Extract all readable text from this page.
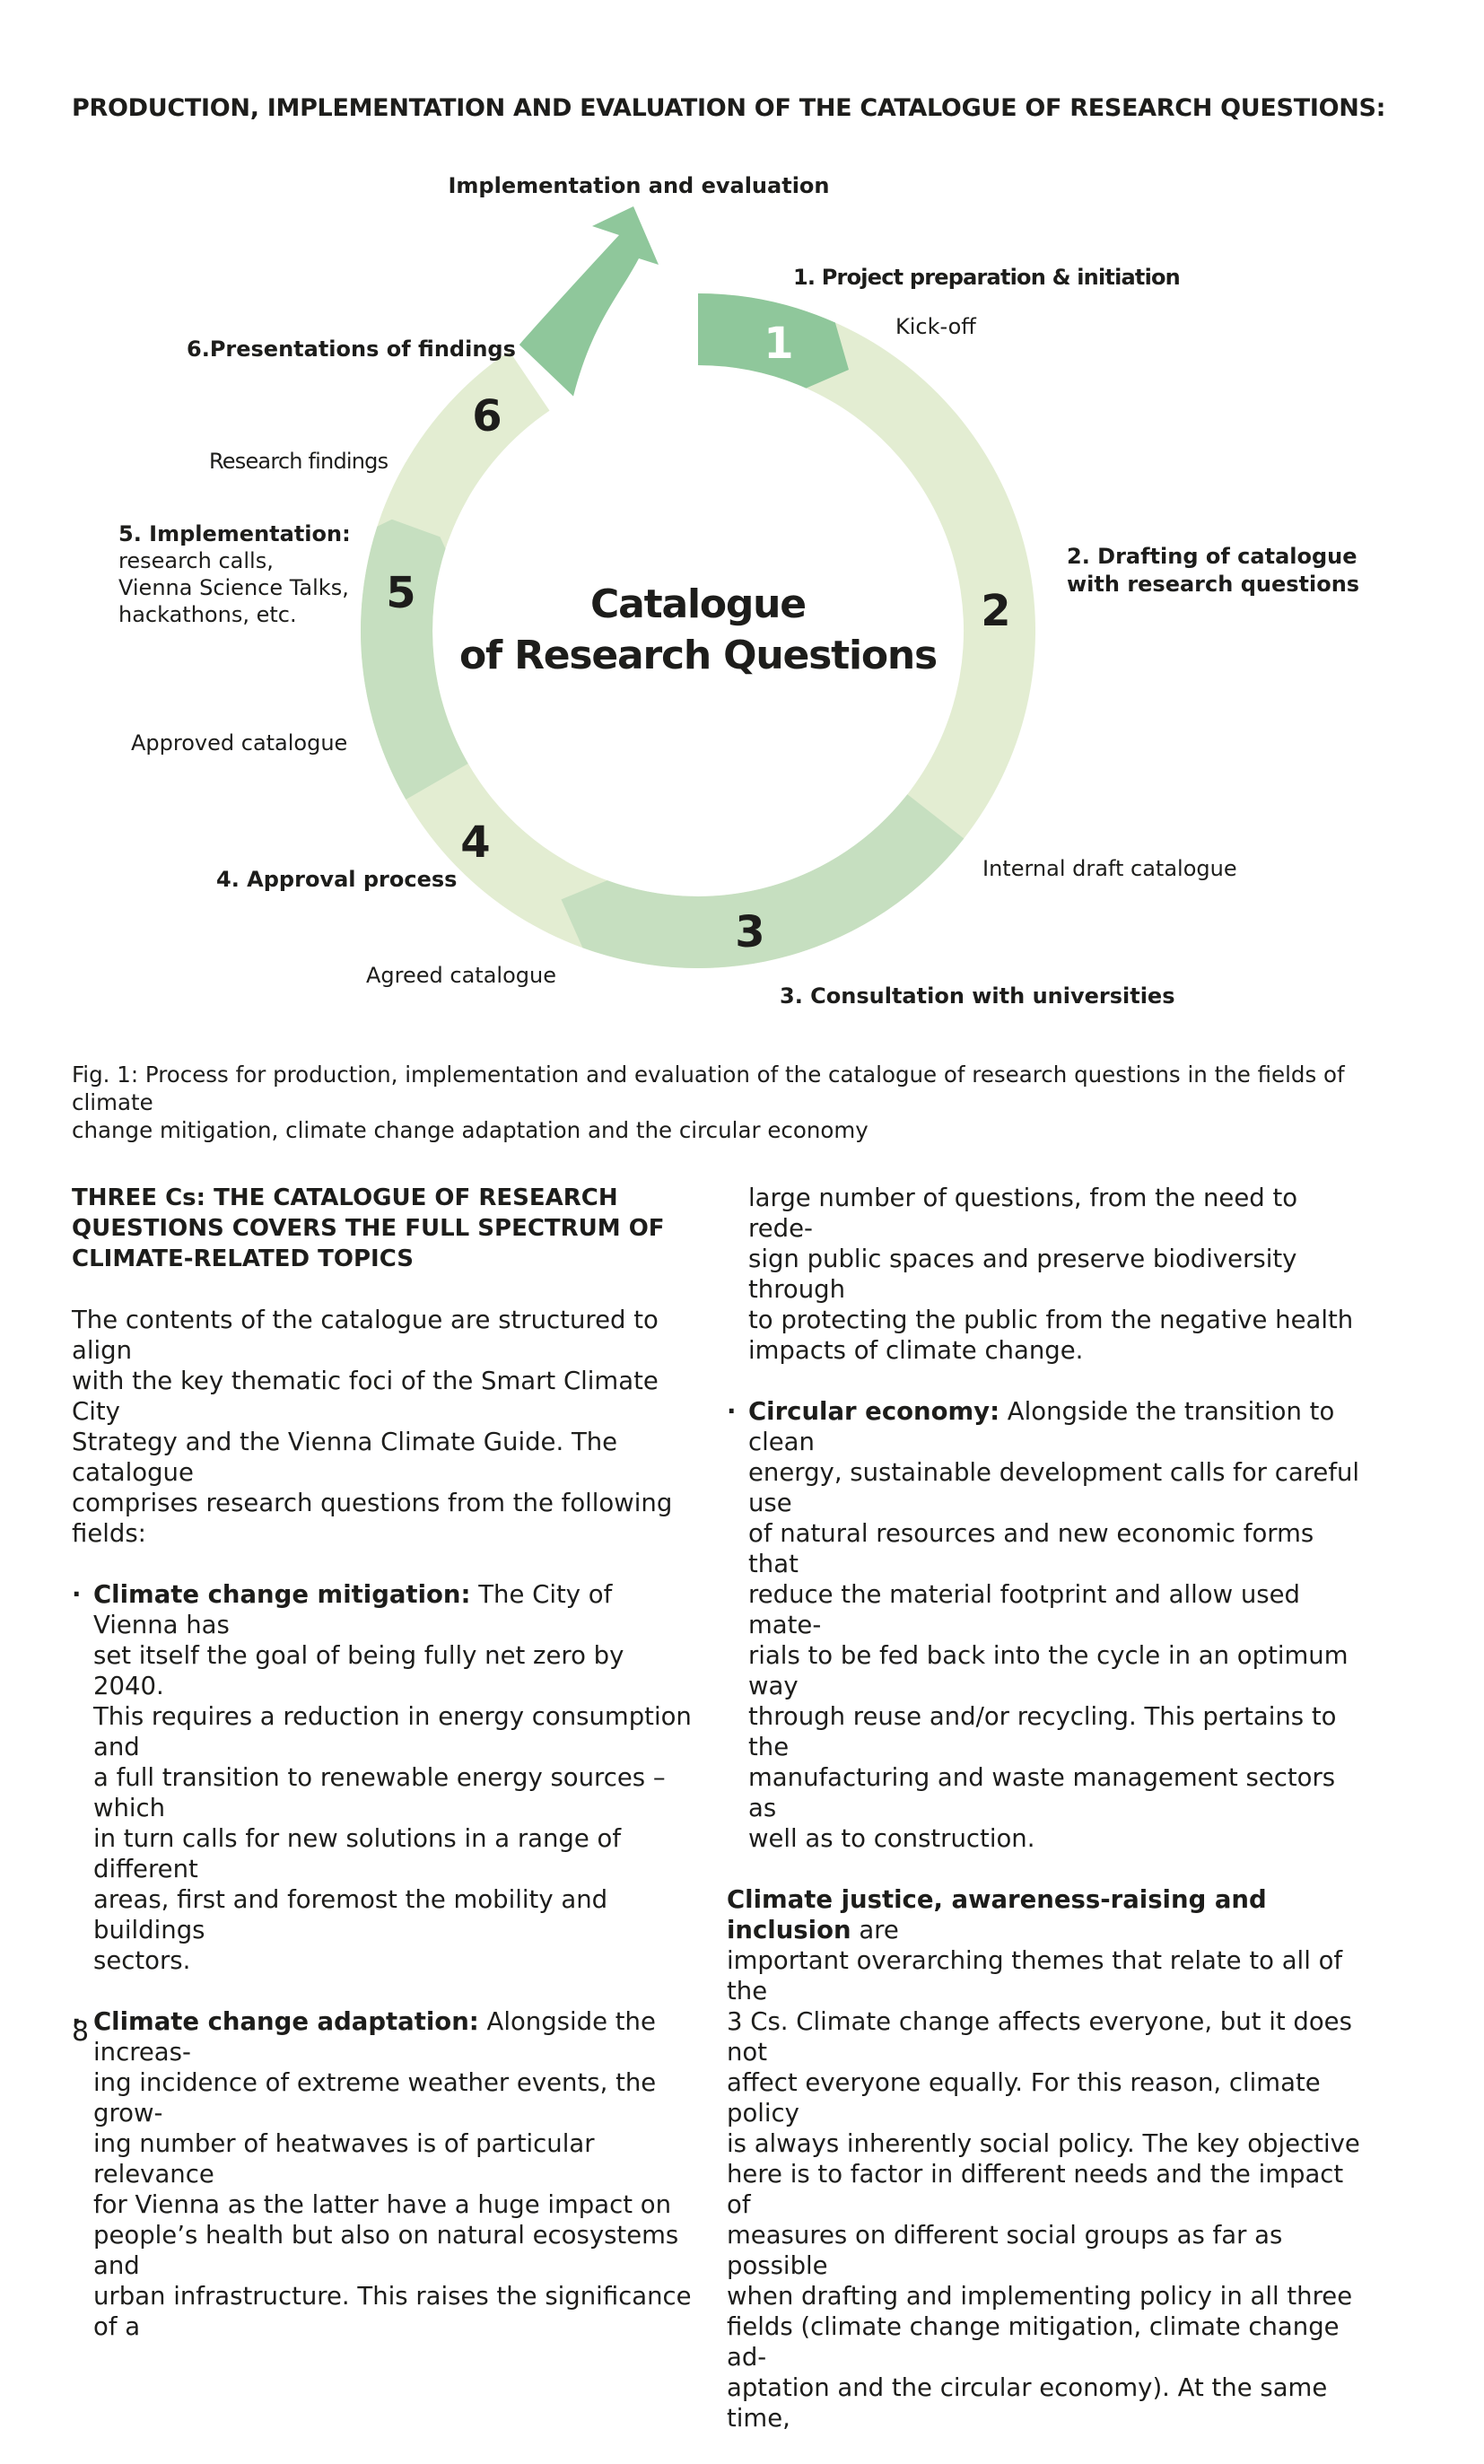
PRODUCTION, IMPLEMENTATION AND EVALUATION OF THE CATALOGUE OF RESEARCH QUESTIONS:
Catalogue
of Research Questions
1
2
3
4
5
6
Implementation and evaluation
1. Project preparation & initiation
Kick-off
2. Drafting of catalogue
with research questions
Internal draft catalogue
3. Consultation with universities
Agreed catalogue
4. Approval process
Approved catalogue
5. Implementation:
research calls,
Vienna Science Talks,
hackathons, etc.
Research findings
6.Presentations of findings

Fig. 1: Process for production, implementation and evaluation of the catalogue of research questions in the fields of climate
change mitigation, climate change adaptation and the circular economy

THREE Cs: THE CATALOGUE OF RESEARCH
QUESTIONS COVERS THE FULL SPECTRUM OF
CLIMATE-RELATED TOPICS

The contents of the catalogue are structured to align
with the key thematic foci of the Smart Climate City
Strategy and the Vienna Climate Guide. The catalogue
comprises research questions from the following
fields:

· Climate change mitigation: The City of Vienna has
set itself the goal of being fully net zero by 2040.
This requires a reduction in energy consumption and
a full transition to renewable energy sources – which
in turn calls for new solutions in a range of different
areas, first and foremost the mobility and buildings
sectors.

· Climate change adaptation: Alongside the increas-
ing incidence of extreme weather events, the grow-
ing number of heatwaves is of particular relevance
for Vienna as the latter have a huge impact on
people’s health but also on natural ecosystems and
urban infrastructure. This raises the significance of a

large number of questions, from the need to rede-
sign public spaces and preserve biodiversity through
to protecting the public from the negative health
impacts of climate change.

· Circular economy: Alongside the transition to clean
energy, sustainable development calls for careful use
of natural resources and new economic forms that
reduce the material footprint and allow used mate-
rials to be fed back into the cycle in an optimum way
through reuse and/or recycling. This pertains to the
manufacturing and waste management sectors as
well as to construction.

Climate justice, awareness-raising and inclusion are
important overarching themes that relate to all of the
3 Cs. Climate change affects everyone, but it does not
affect everyone equally. For this reason, climate policy
is always inherently social policy. The key objective
here is to factor in different needs and the impact of
measures on different social groups as far as possible
when drafting and implementing policy in all three
fields (climate change mitigation, climate change ad-
aptation and the circular economy). At the same time,

8
